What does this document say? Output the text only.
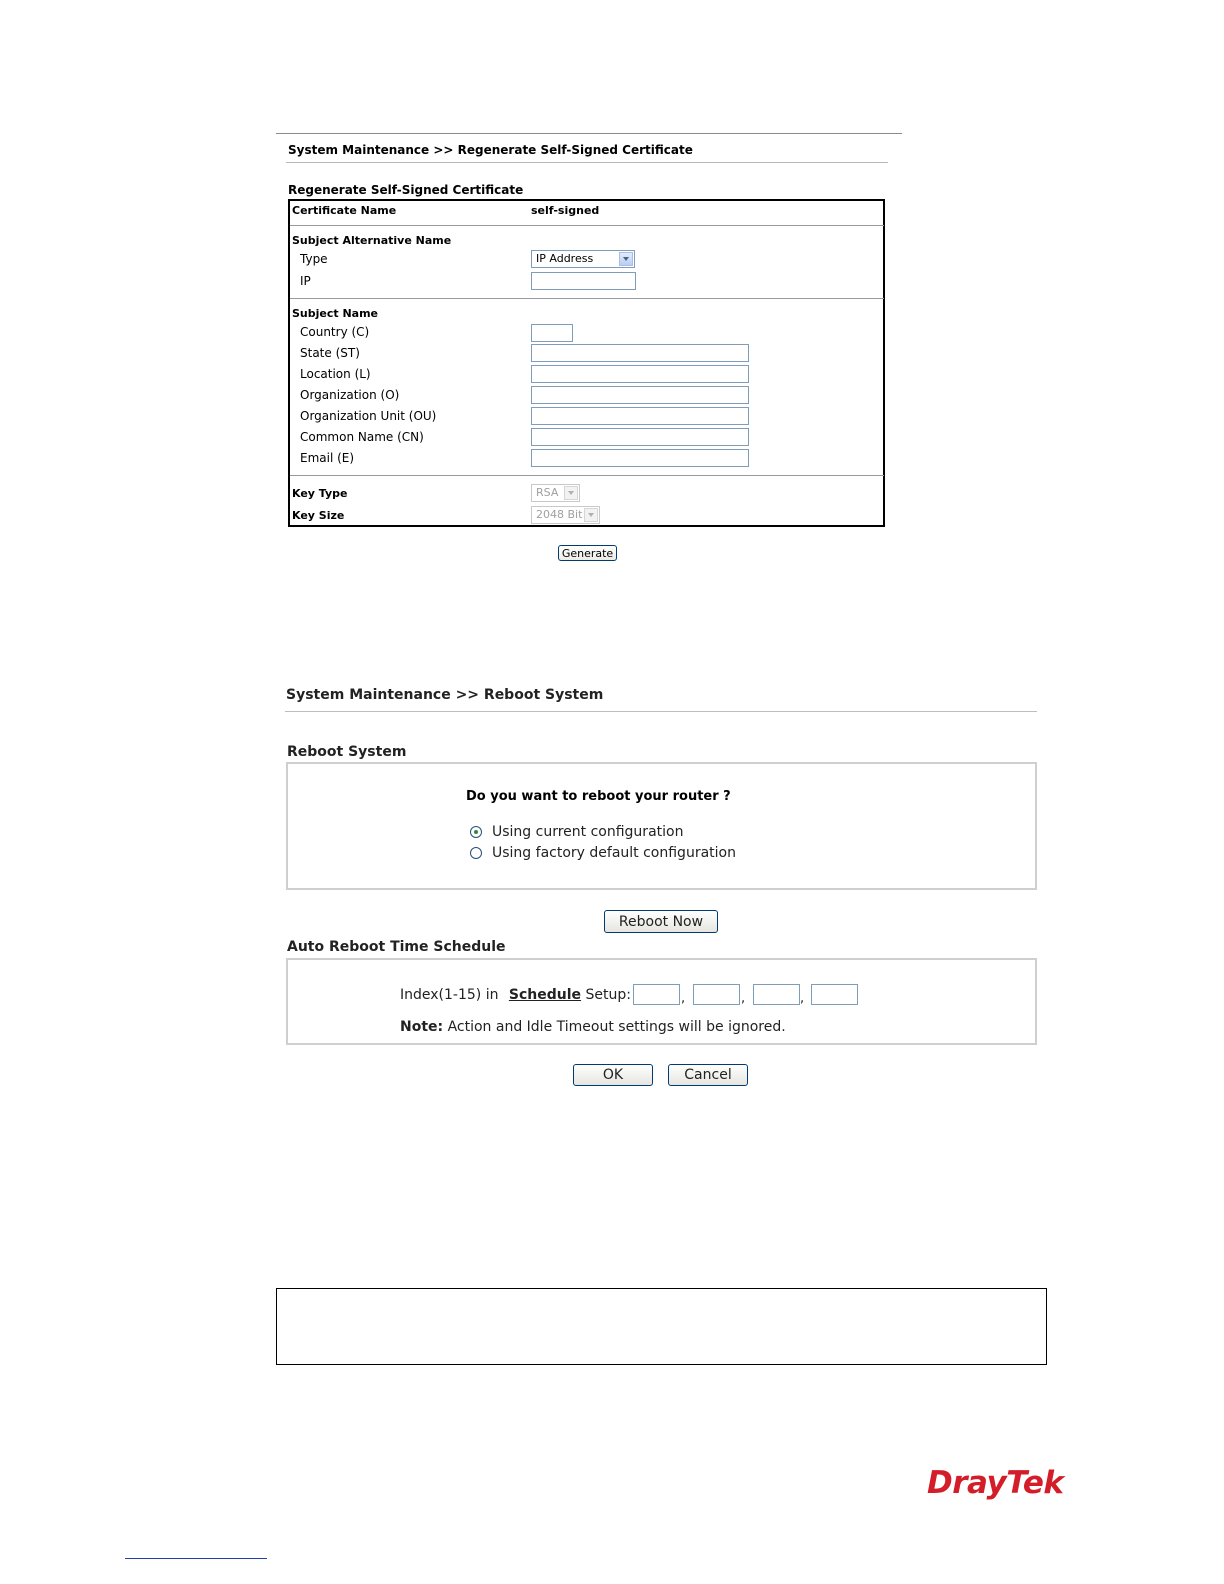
System Maintenance >> Regenerate Self-Signed Certificate
Regenerate Self-Signed Certificate
Certificate Name	self-signed
Subject Alternative Name
Type	IP Address
IP
Subject Name
Country (C)
State (ST)
Location (L)
Organization (O)
Organization Unit (OU)
Common Name (CN)
Email (E)
Key Type	RSA
Key Size	2048 Bit
Generate
System Maintenance >> Reboot System
Reboot System
Do you want to reboot your router ?
Using current configuration
Using factory default configuration
Reboot Now
Auto Reboot Time Schedule
Index(1-15) in Schedule Setup:	,	,	,
Note: Action and Idle Timeout settings will be ignored.
OK	Cancel
DrayTek
